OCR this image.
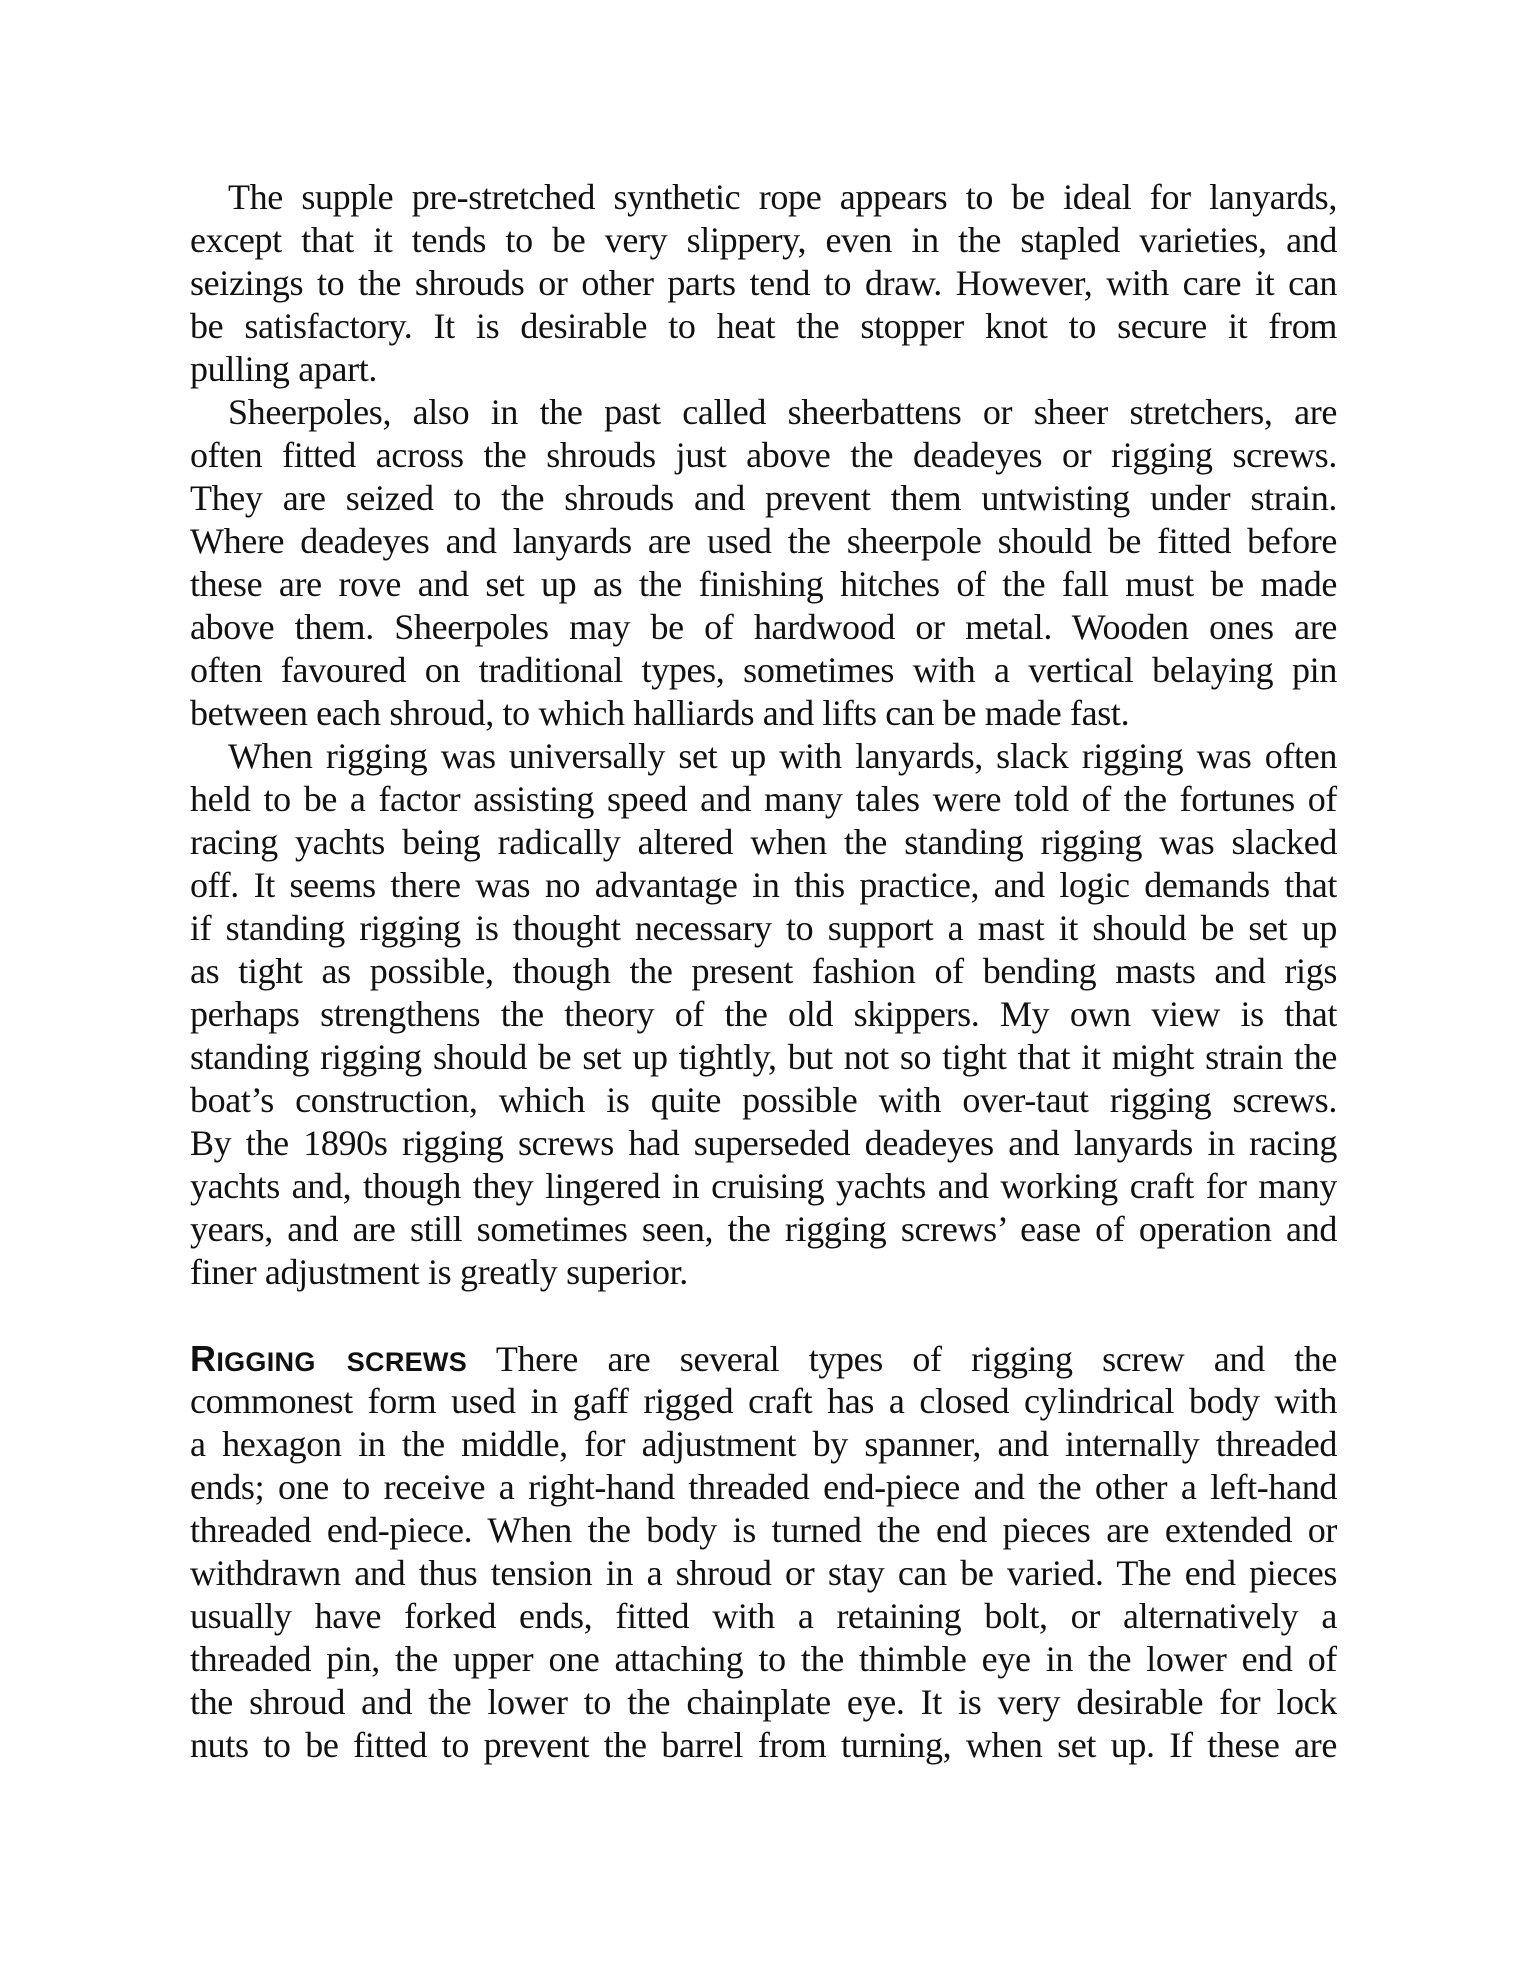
The supple pre-stretched synthetic rope appears to be ideal for lanyards,
except that it tends to be very slippery, even in the stapled varieties, and
seizings to the shrouds or other parts tend to draw. However, with care it can
be satisfactory. It is desirable to heat the stopper knot to secure it from
pulling apart.
Sheerpoles, also in the past called sheerbattens or sheer stretchers, are
often fitted across the shrouds just above the deadeyes or rigging screws.
They are seized to the shrouds and prevent them untwisting under strain.
Where deadeyes and lanyards are used the sheerpole should be fitted before
these are rove and set up as the finishing hitches of the fall must be made
above them. Sheerpoles may be of hardwood or metal. Wooden ones are
often favoured on traditional types, sometimes with a vertical belaying pin
between each shroud, to which halliards and lifts can be made fast.
When rigging was universally set up with lanyards, slack rigging was often
held to be a factor assisting speed and many tales were told of the fortunes of
racing yachts being radically altered when the standing rigging was slacked
off. It seems there was no advantage in this practice, and logic demands that
if standing rigging is thought necessary to support a mast it should be set up
as tight as possible, though the present fashion of bending masts and rigs
perhaps strengthens the theory of the old skippers. My own view is that
standing rigging should be set up tightly, but not so tight that it might strain the
boat’s construction, which is quite possible with over-taut rigging screws.
By the 1890s rigging screws had superseded deadeyes and lanyards in racing
yachts and, though they lingered in cruising yachts and working craft for many
years, and are still sometimes seen, the rigging screws’ ease of operation and
finer adjustment is greatly superior.
RIGGING SCREWS There are several types of rigging screw and the
commonest form used in gaff rigged craft has a closed cylindrical body with
a hexagon in the middle, for adjustment by spanner, and internally threaded
ends; one to receive a right-hand threaded end-piece and the other a left-hand
threaded end-piece. When the body is turned the end pieces are extended or
withdrawn and thus tension in a shroud or stay can be varied. The end pieces
usually have forked ends, fitted with a retaining bolt, or alternatively a
threaded pin, the upper one attaching to the thimble eye in the lower end of
the shroud and the lower to the chainplate eye. It is very desirable for lock
nuts to be fitted to prevent the barrel from turning, when set up. If these are
